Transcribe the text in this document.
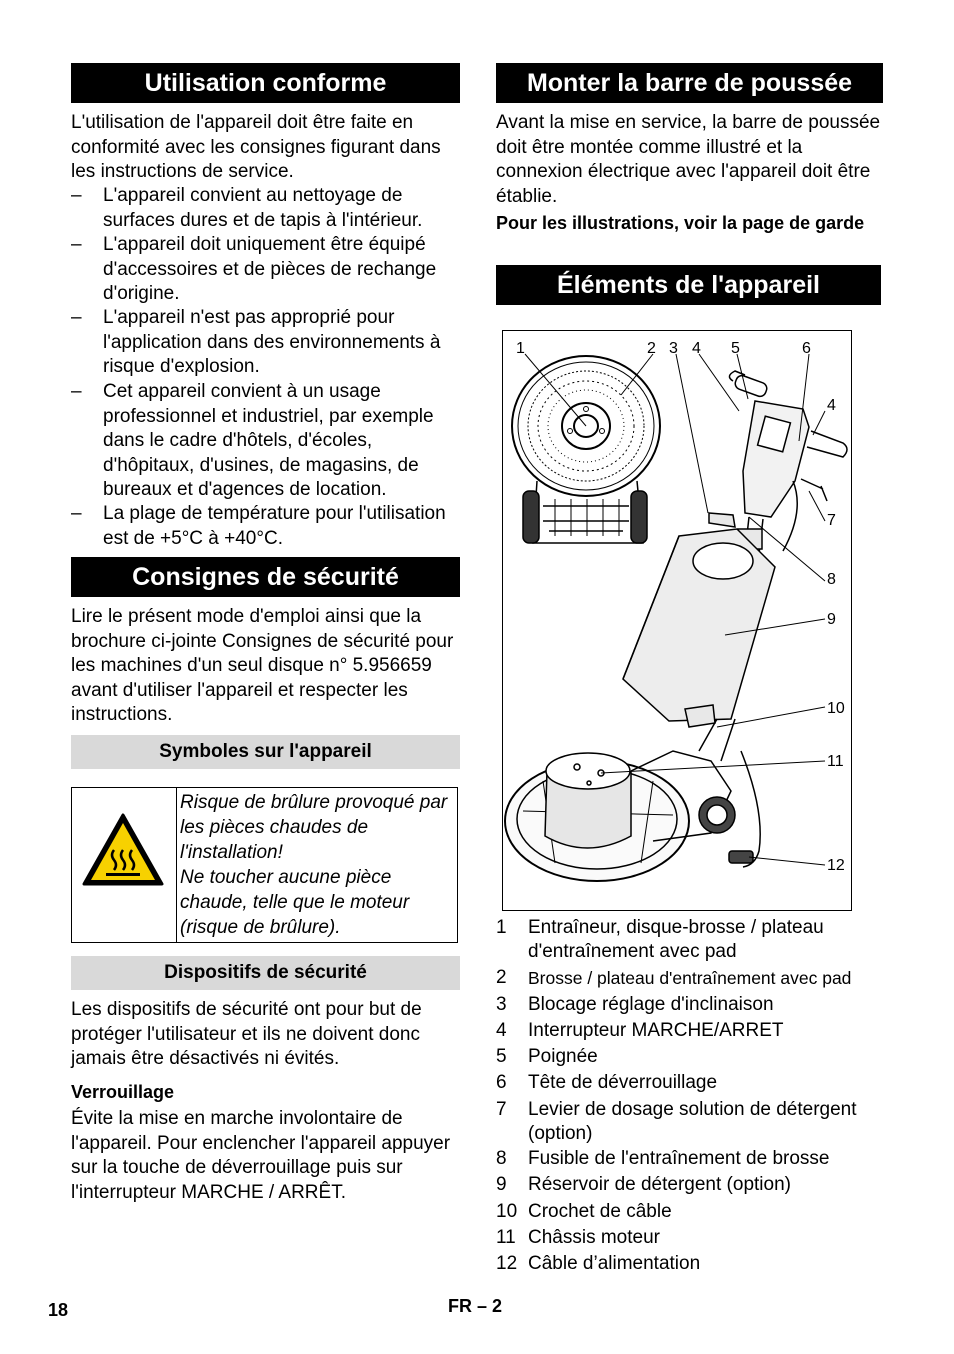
Utilisation conforme
L'utilisation de l'appareil doit être faite en conformité avec les consignes figurant dans les instructions de service.
– L'appareil convient au nettoyage de surfaces dures et de tapis à l'intérieur.
– L'appareil doit uniquement être équipé d'accessoires et de pièces de rechange d'origine.
– L'appareil n'est pas approprié pour l'application dans des environnements à risque d'explosion.
– Cet appareil convient à un usage professionnel et industriel, par exemple dans le cadre d'hôtels, d'écoles, d'hôpitaux, d'usines, de magasins, de bureaux et d'agences de location.
– La plage de température pour l'utilisation est de +5°C à +40°C.
Consignes de sécurité
Lire le présent mode d'emploi ainsi que la brochure ci-jointe Consignes de sécurité pour les machines d'un seul disque n° 5.956659 avant d'utiliser l'appareil et respecter les instructions.
Symboles sur l'appareil
Risque de brûlure provoqué par les pièces chaudes de l'installation!
Ne toucher aucune pièce chaude, telle que le moteur (risque de brûlure).
Dispositifs de sécurité
Les dispositifs de sécurité ont pour but de protéger l'utilisateur et ils ne doivent donc jamais être désactivés ni évités.
Verrouillage
Évite la mise en marche involontaire de l'appareil. Pour enclencher l'appareil appuyer sur la touche de déverrouillage puis sur l'interrupteur MARCHE / ARRÊT.
Monter la barre de poussée
Avant la mise en service, la barre de poussée doit être montée comme illustré et la connexion électrique avec l'appareil doit être établie.
Pour les illustrations, voir la page de garde
Éléments de l'appareil
1	2 3 4 5	6
4
7
8
9
10
11
12
1 Entraîneur, disque-brosse / plateau d'entraînement avec pad
2 Brosse / plateau d'entraînement avec pad
3 Blocage réglage d'inclinaison
4 Interrupteur MARCHE/ARRET
5 Poignée
6 Tête de déverrouillage
7 Levier de dosage solution de détergent (option)
8 Fusible de l'entraînement de brosse
9 Réservoir de détergent (option)
10 Crochet de câble
11 Châssis moteur
12 Câble d’alimentation
18	FR – 2
